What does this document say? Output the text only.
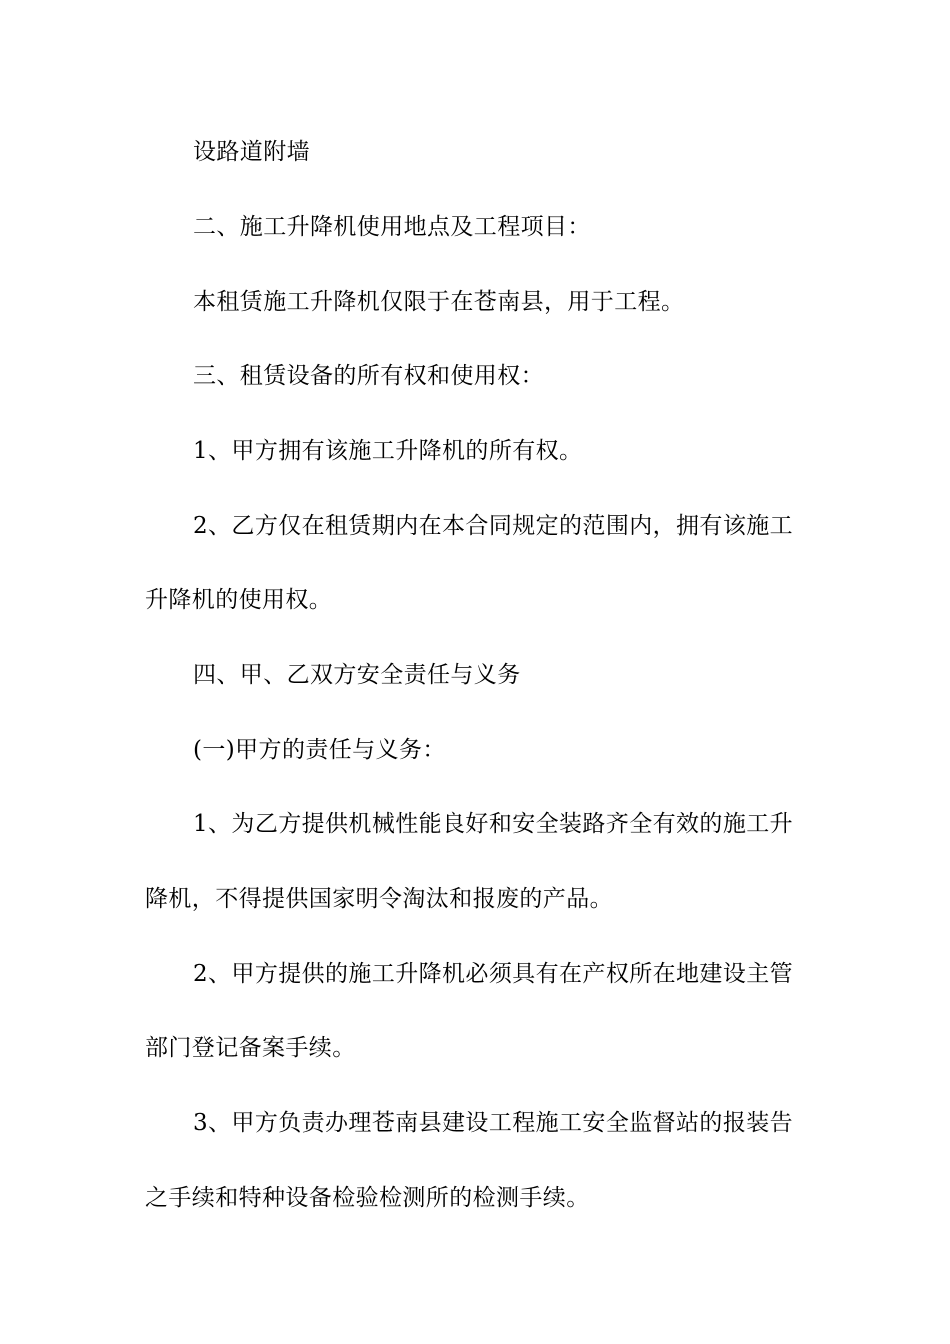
设路道附墙
二、施工升降机使用地点及工程项目：
本租赁施工升降机仅限于在苍南县，用于工程。
三、租赁设备的所有权和使用权：
1、甲方拥有该施工升降机的所有权。
2、乙方仅在租赁期内在本合同规定的范围内，拥有该施工
升降机的使用权。
四、甲、乙双方安全责任与义务
(一)甲方的责任与义务：
1、为乙方提供机械性能良好和安全装路齐全有效的施工升
降机，不得提供国家明令淘汰和报废的产品。
2、甲方提供的施工升降机必须具有在产权所在地建设主管
部门登记备案手续。
3、甲方负责办理苍南县建设工程施工安全监督站的报装告
之手续和特种设备检验检测所的检测手续。
